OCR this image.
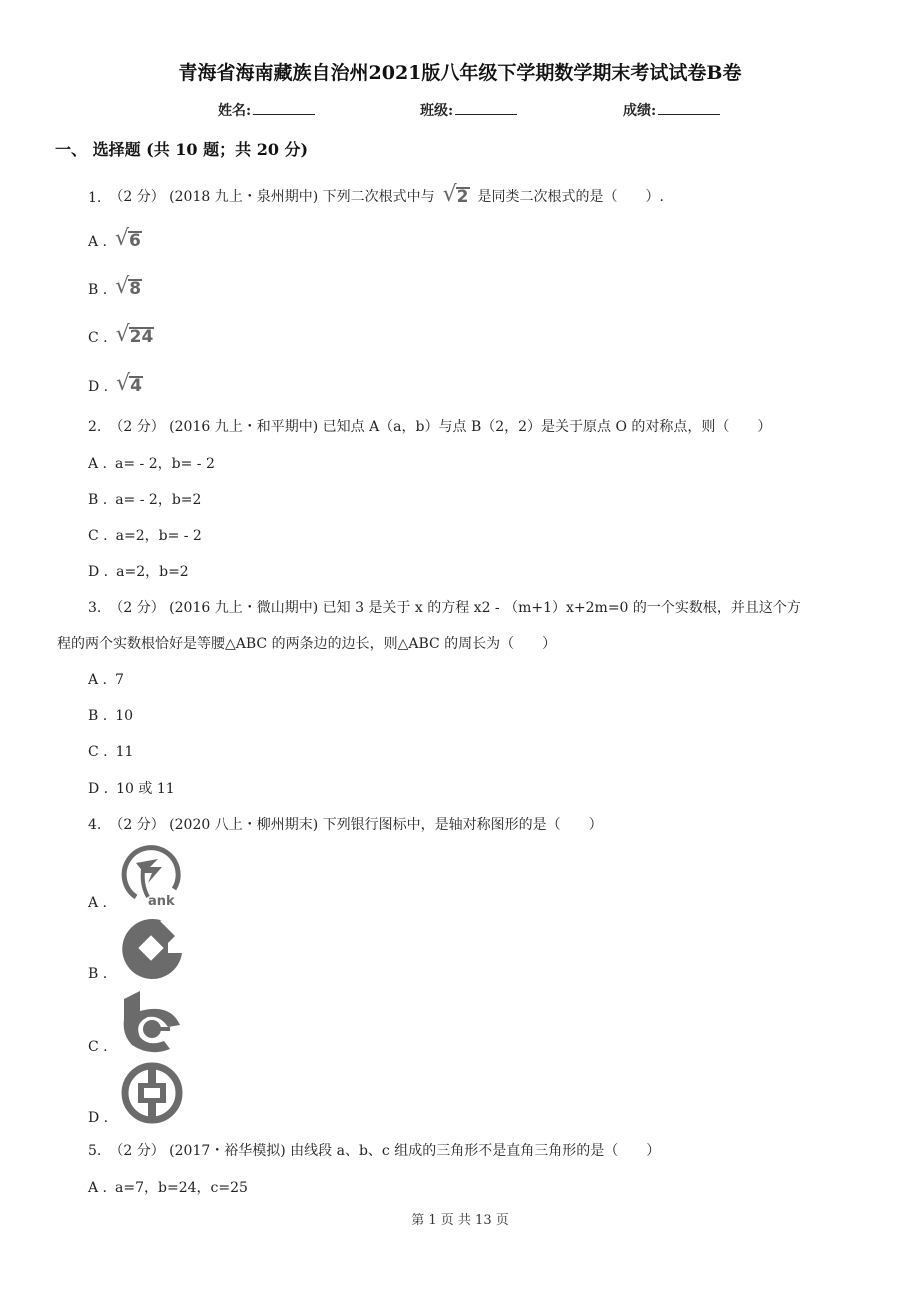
青海省海南藏族自治州2021版八年级下学期数学期末考试试卷B卷
姓名:	班级:	成绩:
一、 选择题 (共 10 题；共 20 分)
1. （2 分） (2018 九上・泉州期中) 下列二次根式中与 √ 2 是同类二次根式的是（　　）.
A . √ 6
B . √ 8
C . √ 24
D . √ 4
2. （2 分） (2016 九上・和平期中) 已知点 A（a，b）与点 B（2，2）是关于原点 O 的对称点，则（　　）
A . a= - 2，b= - 2
B . a= - 2，b=2
C . a=2，b= - 2
D . a=2，b=2
3. （2 分） (2016 九上・微山期中) 已知 3 是关于 x 的方程 x2 - （m+1）x+2m=0 的一个实数根，并且这个方
程的两个实数根恰好是等腰△ABC 的两条边的边长，则△ABC 的周长为（　　）
A . 7
B . 10
C . 11
D . 10 或 11
4. （2 分） (2020 八上・柳州期末) 下列银行图标中，是轴对称图形的是（　　）
A .	ank
B .
C .
D .
5. （2 分） (2017・裕华模拟) 由线段 a、b、c 组成的三角形不是直角三角形的是（　　）
A . a=7，b=24，c=25
第 1 页 共 13 页
